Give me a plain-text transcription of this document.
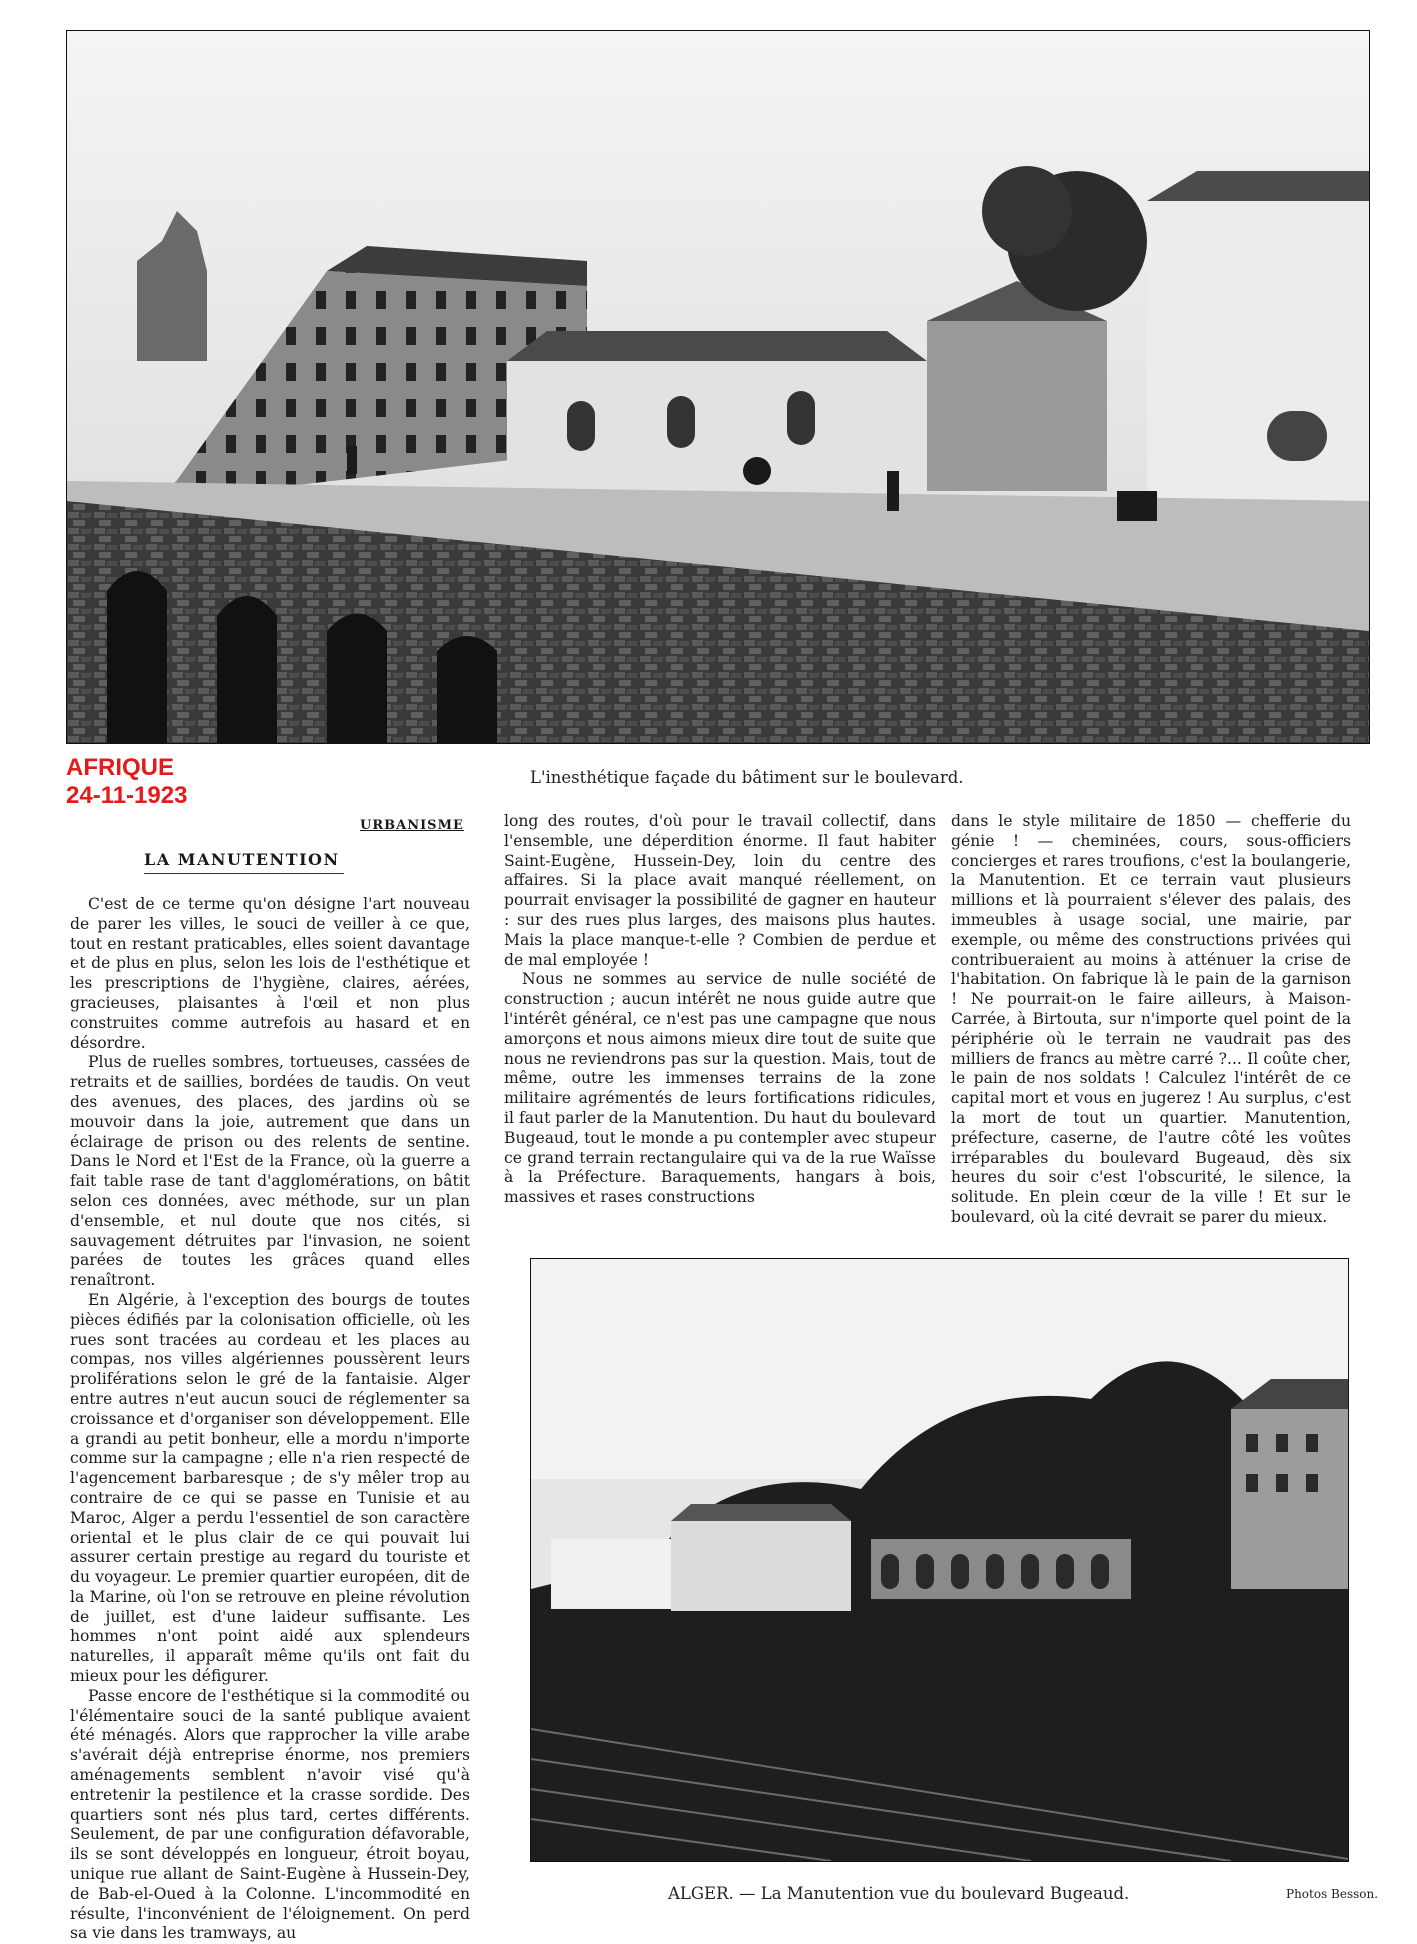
AFRIQUE
24-11-1923
L'inesthétique façade du bâtiment sur le boulevard.
URBANISME
LA MANUTENTION

C'est de ce terme qu'on désigne l'art nouveau de parer les villes, le souci de veiller à ce que, tout en restant praticables, elles soient davantage et de plus en plus, selon les lois de l'esthétique et les prescriptions de l'hygiène, claires, aérées, gracieuses, plaisantes à l'œil et non plus construites comme autrefois au hasard et en désordre.

Plus de ruelles sombres, tortueuses, cassées de retraits et de saillies, bordées de taudis. On veut des avenues, des places, des jardins où se mouvoir dans la joie, autrement que dans un éclairage de prison ou des relents de sentine. Dans le Nord et l'Est de la France, où la guerre a fait table rase de tant d'agglomérations, on bâtit selon ces données, avec méthode, sur un plan d'ensemble, et nul doute que nos cités, si sauvagement détruites par l'invasion, ne soient parées de toutes les grâces quand elles renaîtront.

En Algérie, à l'exception des bourgs de toutes pièces édifiés par la colonisation officielle, où les rues sont tracées au cordeau et les places au compas, nos villes algériennes poussèrent leurs proliférations selon le gré de la fantaisie. Alger entre autres n'eut aucun souci de réglementer sa croissance et d'organiser son développement. Elle a grandi au petit bonheur, elle a mordu n'importe comme sur la campagne ; elle n'a rien respecté de l'agencement barbaresque ; de s'y mêler trop au contraire de ce qui se passe en Tunisie et au Maroc, Alger a perdu l'essentiel de son caractère oriental et le plus clair de ce qui pouvait lui assurer certain prestige au regard du touriste et du voyageur. Le premier quartier européen, dit de la Marine, où l'on se retrouve en pleine révolution de juillet, est d'une laideur suffisante. Les hommes n'ont point aidé aux splendeurs naturelles, il apparaît même qu'ils ont fait du mieux pour les défigurer.

Passe encore de l'esthétique si la commodité ou l'élémentaire souci de la santé publique avaient été ménagés. Alors que rapprocher la ville arabe s'avérait déjà entreprise énorme, nos premiers aménagements semblent n'avoir visé qu'à entretenir la pestilence et la crasse sordide. Des quartiers sont nés plus tard, certes différents. Seulement, de par une configuration défavorable, ils se sont développés en longueur, étroit boyau, unique rue allant de Saint-Eugène à Hussein-Dey, de Bab-el-Oued à la Colonne. L'incommodité en résulte, l'inconvénient de l'éloignement. On perd sa vie dans les tramways, au

long des routes, d'où pour le travail collectif, dans l'ensemble, une déperdition énorme. Il faut habiter Saint-Eugène, Hussein-Dey, loin du centre des affaires. Si la place avait manqué réellement, on pourrait envisager la possibilité de gagner en hauteur : sur des rues plus larges, des maisons plus hautes. Mais la place manque-t-elle ? Combien de perdue et de mal employée !

Nous ne sommes au service de nulle société de construction ; aucun intérêt ne nous guide autre que l'intérêt général, ce n'est pas une campagne que nous amorçons et nous aimons mieux dire tout de suite que nous ne reviendrons pas sur la question. Mais, tout de même, outre les immenses terrains de la zone militaire agrémentés de leurs fortifications ridicules, il faut parler de la Manutention. Du haut du boulevard Bugeaud, tout le monde a pu contempler avec stupeur ce grand terrain rectangulaire qui va de la rue Waïsse à la Préfecture. Baraquements, hangars à bois, massives et rases constructions

dans le style militaire de 1850 — chefferie du génie ! — cheminées, cours, sous-officiers concierges et rares troufions, c'est la boulangerie, la Manutention. Et ce terrain vaut plusieurs millions et là pourraient s'élever des palais, des immeubles à usage social, une mairie, par exemple, ou même des constructions privées qui contribueraient au moins à atténuer la crise de l'habitation. On fabrique là le pain de la garnison ! Ne pourrait-on le faire ailleurs, à Maison-Carrée, à Birtouta, sur n'importe quel point de la périphérie où le terrain ne vaudrait pas des milliers de francs au mètre carré ?... Il coûte cher, le pain de nos soldats ! Calculez l'intérêt de ce capital mort et vous en jugerez ! Au surplus, c'est la mort de tout un quartier. Manutention, préfecture, caserne, de l'autre côté les voûtes irréparables du boulevard Bugeaud, dès six heures du soir c'est l'obscurité, le silence, la solitude. En plein cœur de la ville ! Et sur le boulevard, où la cité devrait se parer du mieux.

ALGER. — La Manutention vue du boulevard Bugeaud.	Photos Besson.
